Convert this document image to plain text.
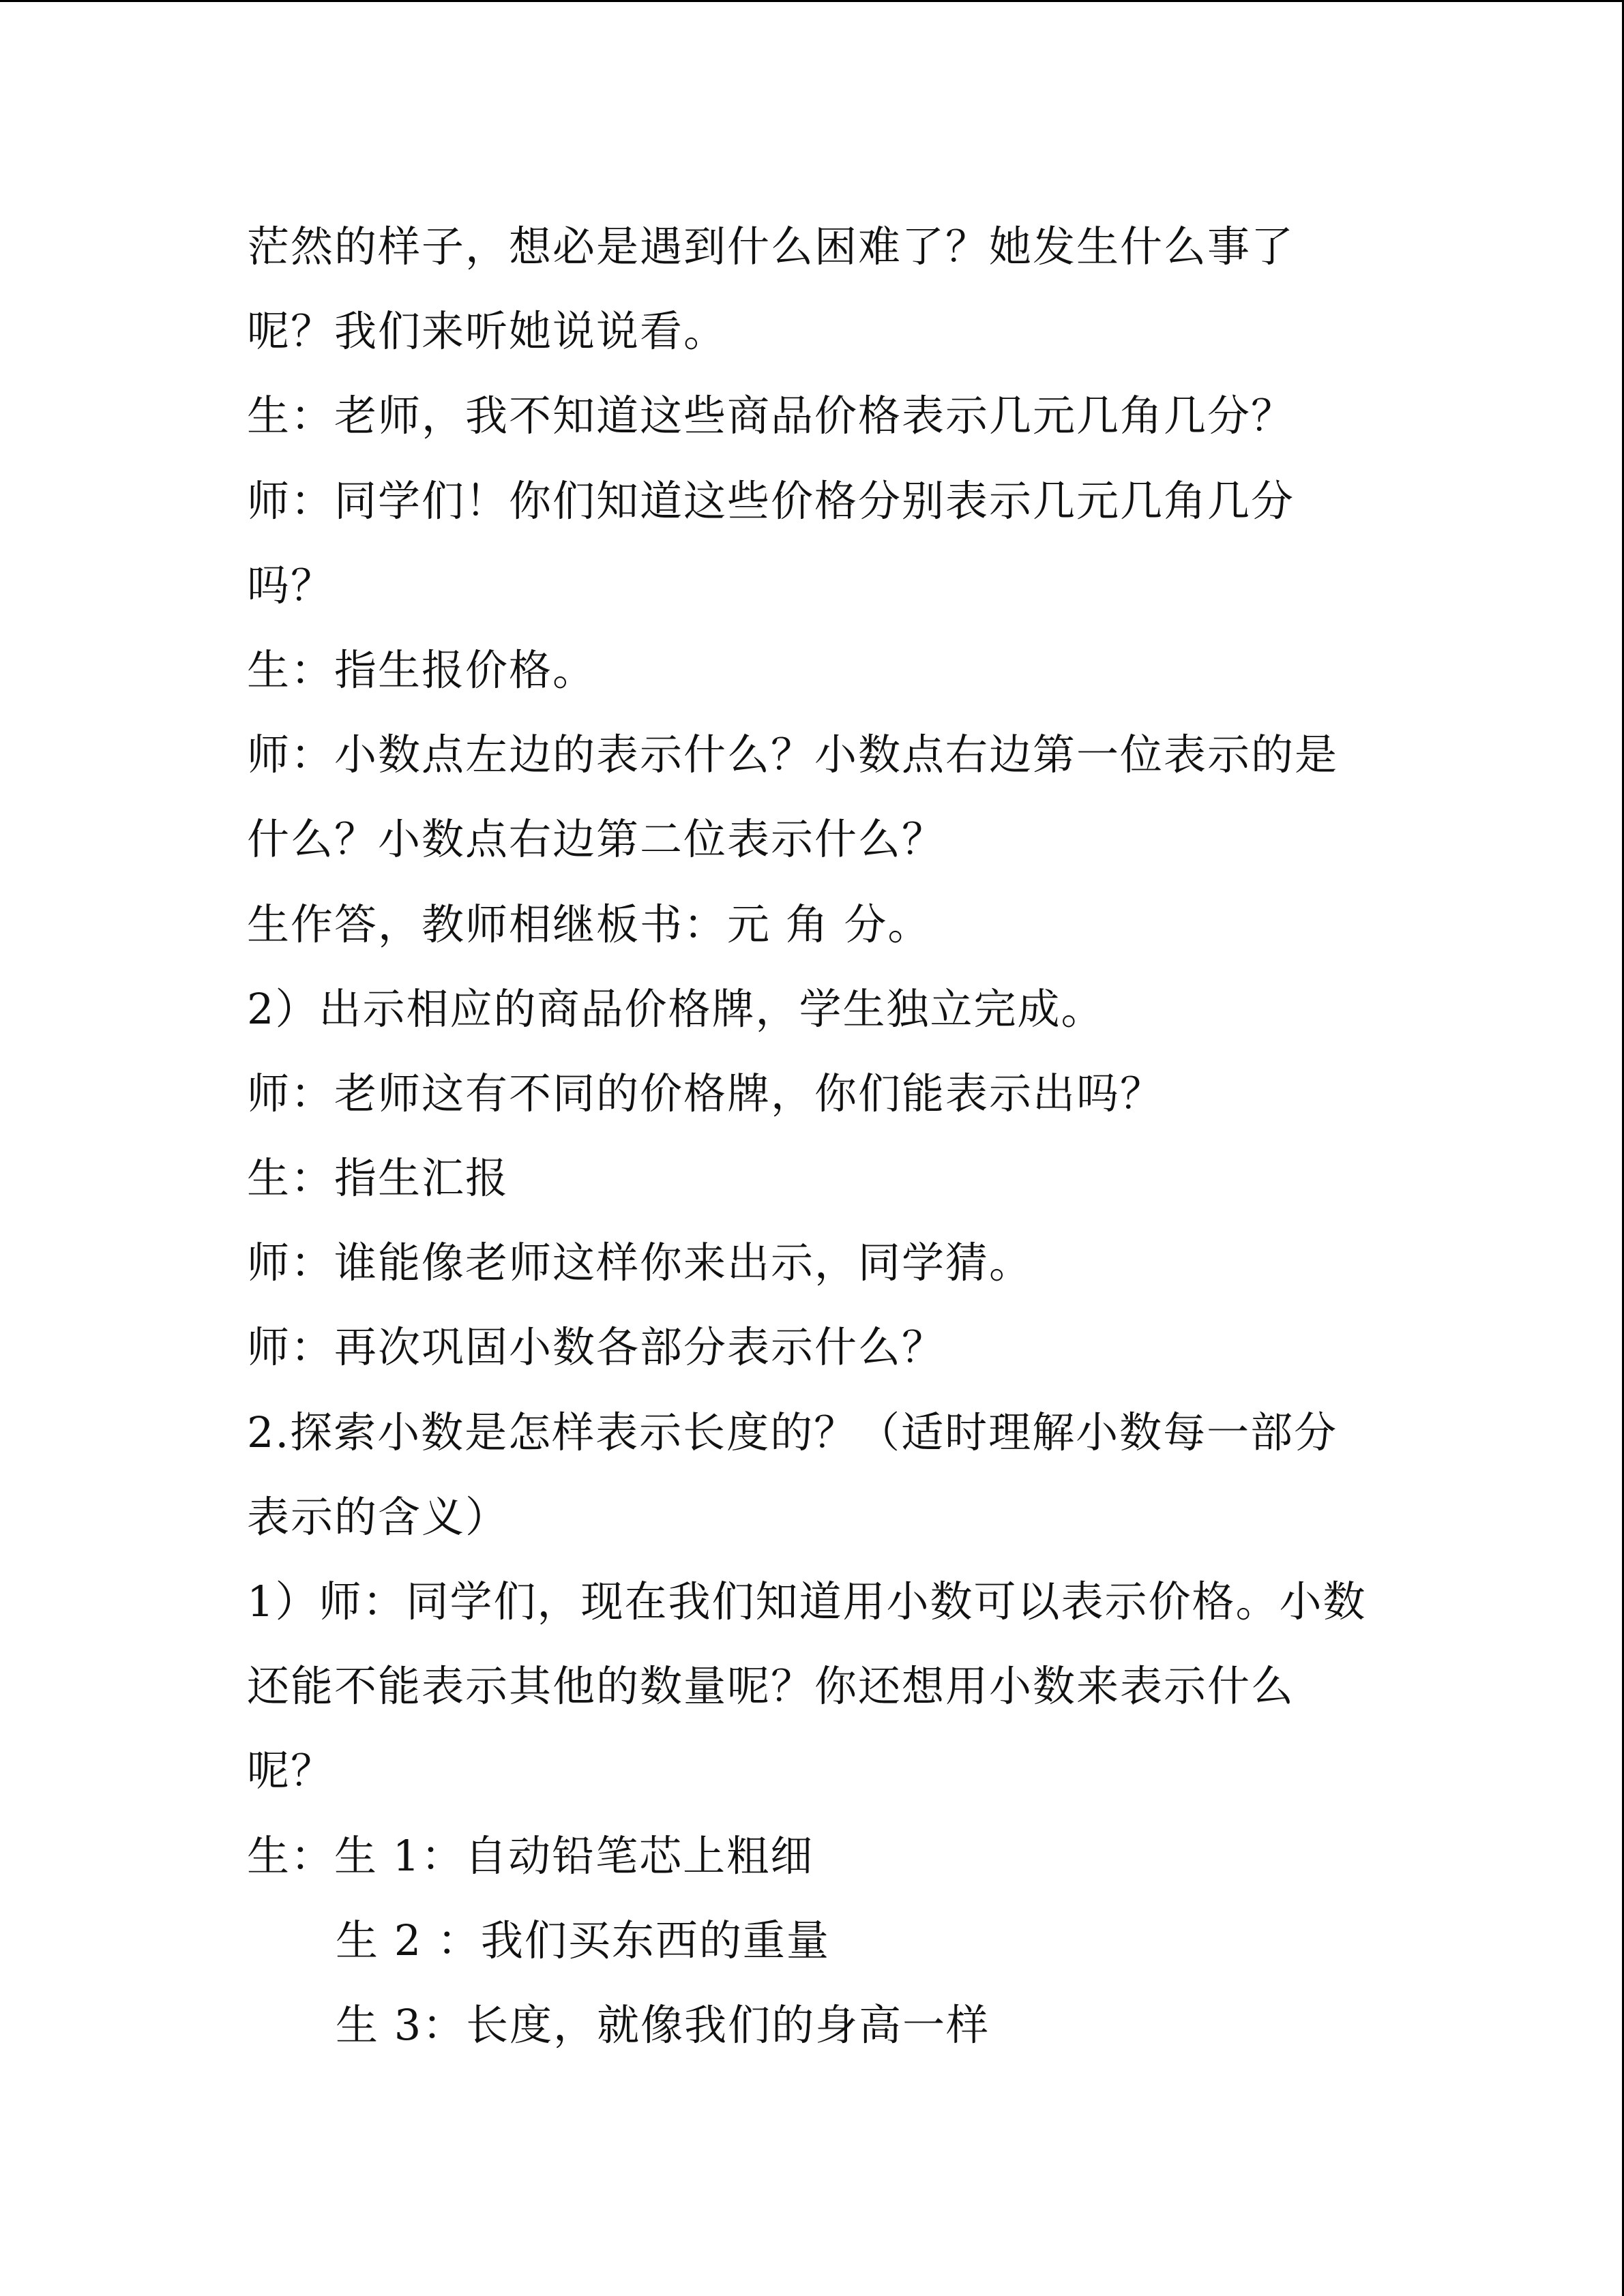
茫然的样子，想必是遇到什么困难了？她发生什么事了
呢？我们来听她说说看。
生：老师，我不知道这些商品价格表示几元几角几分？
师：同学们！你们知道这些价格分别表示几元几角几分
吗？
生：指生报价格。
师：小数点左边的表示什么？小数点右边第一位表示的是
什么？小数点右边第二位表示什么？
生作答，教师相继板书：元 角 分。
2）出示相应的商品价格牌，学生独立完成。
师：老师这有不同的价格牌，你们能表示出吗？
生：指生汇报
师：谁能像老师这样你来出示，同学猜。
师：再次巩固小数各部分表示什么？
2.探索小数是怎样表示长度的？（适时理解小数每一部分
表示的含义）
1）师：同学们，现在我们知道用小数可以表示价格。小数
还能不能表示其他的数量呢？你还想用小数来表示什么
呢？
生：生 1：自动铅笔芯上粗细
生 2 ：我们买东西的重量
生 3：长度，就像我们的身高一样
